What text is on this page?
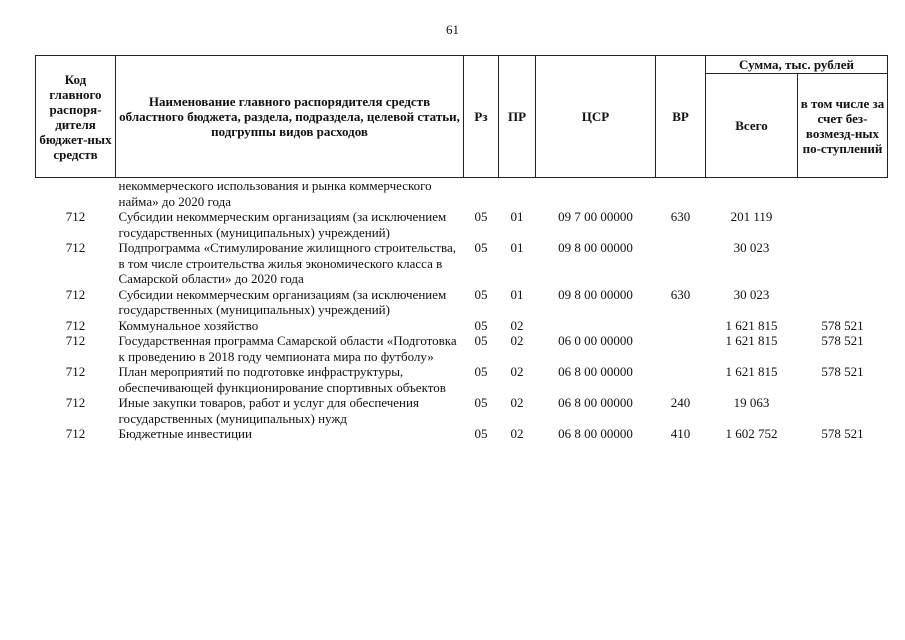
61
Код главного распоря-дителя бюджет-ных средств	Наименование главного распорядителя средств областного бюджета, раздела, подраздела, целевой статьи, подгруппы видов расходов	Рз	ПР	ЦСР	ВР	Сумма, тыс. рублей	
						Всего	в том числе за счет без-возмезд-ных по-ступлений
	некоммерческого использования и рынка коммерческого найма» до 2020 года						
712	Субсидии некоммерческим организациям (за исключением государственных (муниципальных) учреждений)	05	01	09 7 00 00000	630	201 119	
712	Подпрограмма «Стимулирование жилищного строительства, в том числе строительства жилья экономического класса в Самарской области» до 2020 года	05	01	09 8 00 00000		30 023	
712	Субсидии некоммерческим организациям (за исключением государственных (муниципальных) учреждений)	05	01	09 8 00 00000	630	30 023	
712	Коммунальное хозяйство	05	02			1 621 815	578 521
712	Государственная программа Самарской области «Подготовка к проведению в 2018 году чемпионата мира по футболу»	05	02	06 0 00 00000		1 621 815	578 521
712	План мероприятий по подготовке инфраструктуры, обеспечивающей функционирование спортивных объектов	05	02	06 8 00 00000		1 621 815	578 521
712	Иные закупки товаров, работ и услуг для обеспечения государственных (муниципальных) нужд	05	02	06 8 00 00000	240	19 063	
712	Бюджетные инвестиции	05	02	06 8 00 00000	410	1 602 752	578 521
